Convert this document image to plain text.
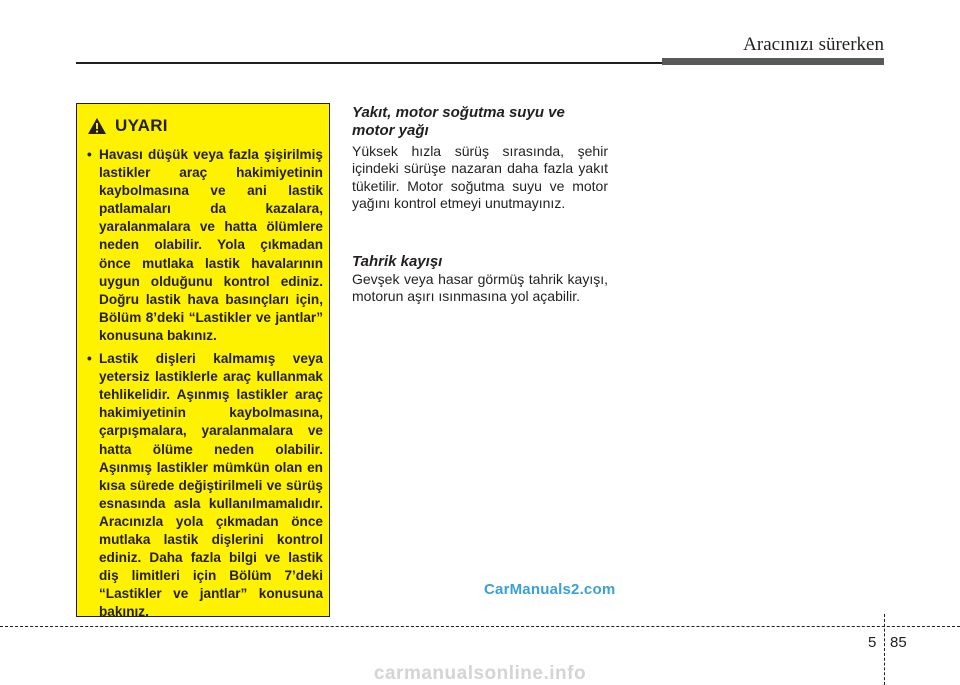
Aracınızı sürerken
UYARI
• Havası düşük veya fazla şişirilmiş lastikler araç hakimiyetinin kaybolmasına ve ani lastik patlamaları da kazalara, yaralanmalara ve hatta ölümlere neden olabilir. Yola çıkmadan önce mutlaka lastik havalarının uygun olduğunu kontrol ediniz. Doğru lastik hava basınçları için, Bölüm 8’deki “Lastikler ve jantlar” konusuna bakınız.
• Lastik dişleri kalmamış veya yetersiz lastiklerle araç kullanmak tehlikelidir. Aşınmış lastikler araç hakimiyetinin kaybolmasına, çarpışmalara, yaralanmalara ve hatta ölüme neden olabilir. Aşınmış lastikler mümkün olan en kısa sürede değiştirilmeli ve sürüş esnasında asla kullanılmamalıdır. Aracınızla yola çıkmadan önce mutlaka lastik dişlerini kontrol ediniz. Daha fazla bilgi ve lastik diş limitleri için Bölüm 7’deki “Lastikler ve jantlar” konusuna bakınız.
Yakıt, motor soğutma suyu ve motor yağı
Yüksek hızla sürüş sırasında, şehir içindeki sürüşe nazaran daha fazla yakıt tüketilir. Motor soğutma suyu ve motor yağını kontrol etmeyi unutmayınız.
Tahrik kayışı
Gevşek veya hasar görmüş tahrik kayışı, motorun aşırı ısınmasına yol açabilir.
CarManuals2.com
5 85
carmanualsonline.info
